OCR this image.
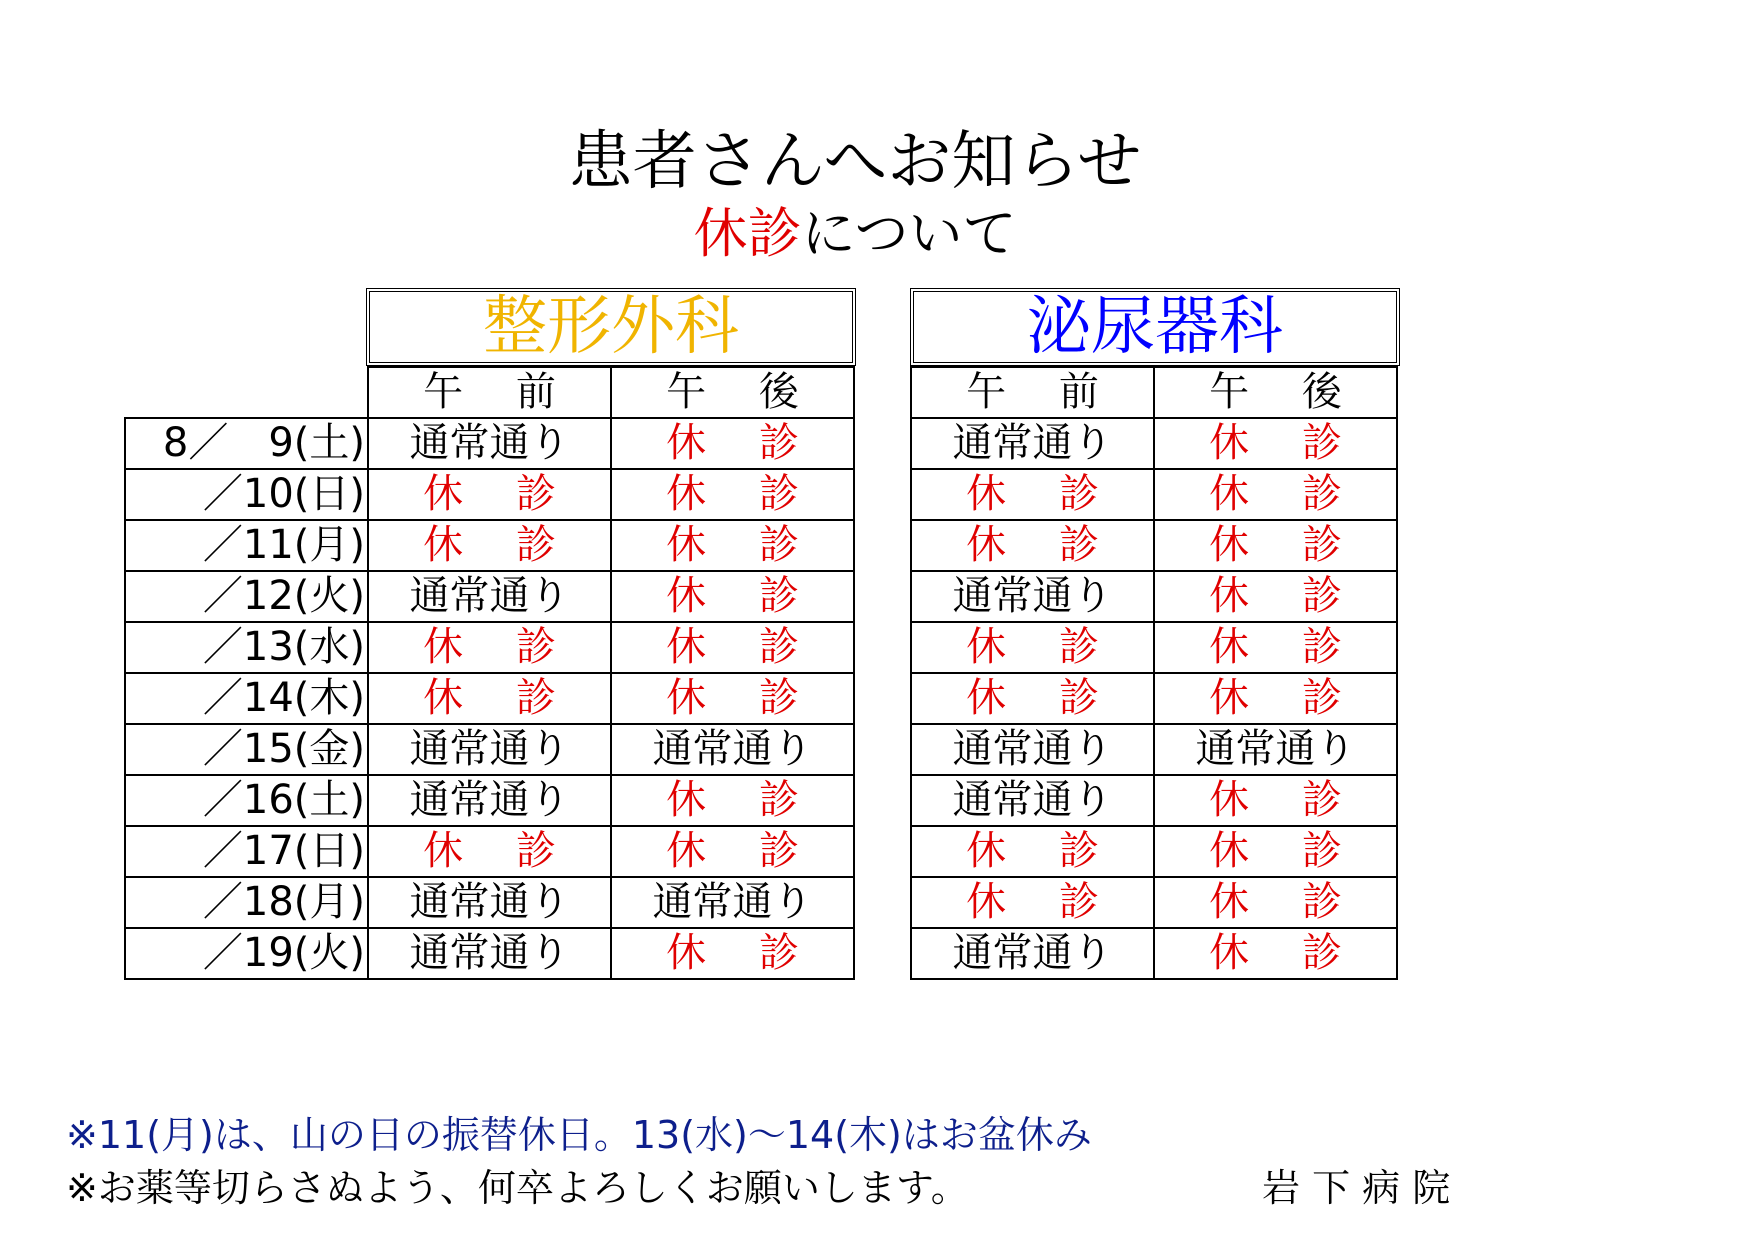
患者さんへお知らせ
休診について
整形外科	泌尿器科
	午　 前	午　 後
8／　9(土)	通常通り	休　 診
／10(日)	休　 診	休　 診
／11(月)	休　 診	休　 診
／12(火)	通常通り	休　 診
／13(水)	休　 診	休　 診
／14(木)	休　 診	休　 診
／15(金)	通常通り	通常通り
／16(土)	通常通り	休　 診
／17(日)	休　 診	休　 診
／18(月)	通常通り	通常通り
／19(火)	通常通り	休　 診
午　 前	午　 後
通常通り	休　 診
休　 診	休　 診
休　 診	休　 診
通常通り	休　 診
休　 診	休　 診
休　 診	休　 診
通常通り	通常通り
通常通り	休　 診
休　 診	休　 診
休　 診	休　 診
通常通り	休　 診
※11(月)は、山の日の振替休日。13(水)～14(木)はお盆休み
※お薬等切らさぬよう、何卒よろしくお願いします。	岩 下 病 院
